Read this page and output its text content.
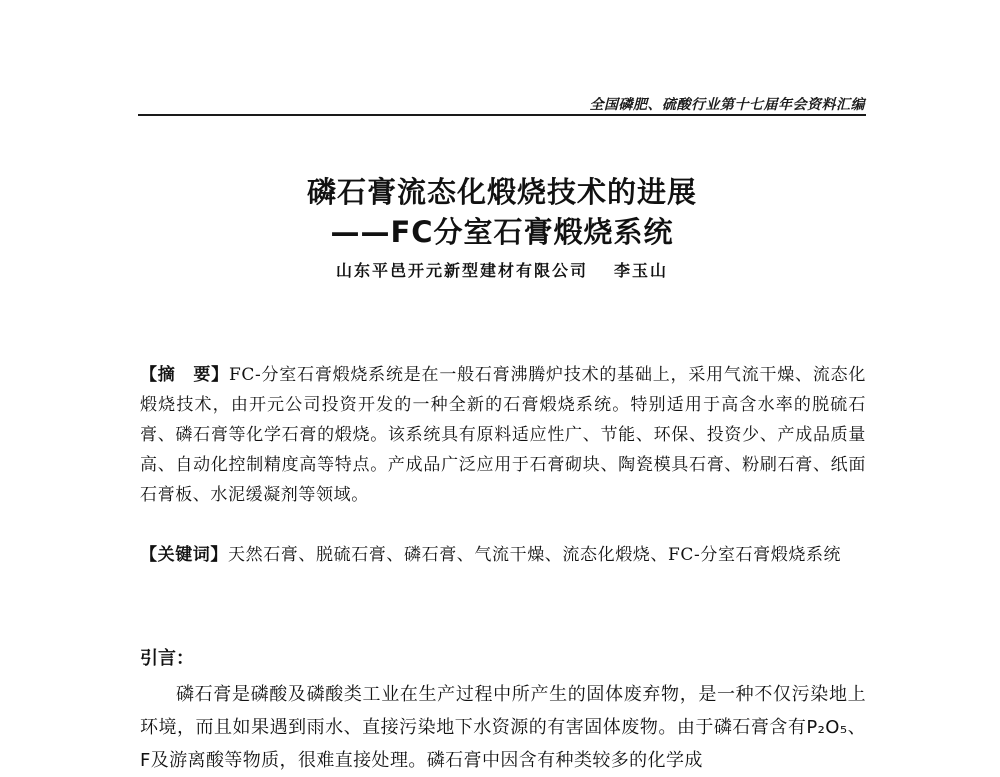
全国磷肥、硫酸行业第十七届年会资料汇编
磷石膏流态化煅烧技术的进展
——FC分室石膏煅烧系统
山东平邑开元新型建材有限公司 李玉山
【摘　要】FC-分室石膏煅烧系统是在一般石膏沸腾炉技术的基础上，采用气流干燥、流态化煅烧技术，由开元公司投资开发的一种全新的石膏煅烧系统。特别适用于高含水率的脱硫石膏、磷石膏等化学石膏的煅烧。该系统具有原料适应性广、节能、环保、投资少、产成品质量高、自动化控制精度高等特点。产成品广泛应用于石膏砌块、陶瓷模具石膏、粉刷石膏、纸面石膏板、水泥缓凝剂等领域。
【关键词】天然石膏、脱硫石膏、磷石膏、气流干燥、流态化煅烧、FC-分室石膏煅烧系统
引言：
磷石膏是磷酸及磷酸类工业在生产过程中所产生的固体废弃物，是一种不仅污染地上环境，而且如果遇到雨水、直接污染地下水资源的有害固体废物。由于磷石膏含有P₂O₅、F及游离酸等物质，很难直接处理。磷石膏中因含有种类较多的化学成
